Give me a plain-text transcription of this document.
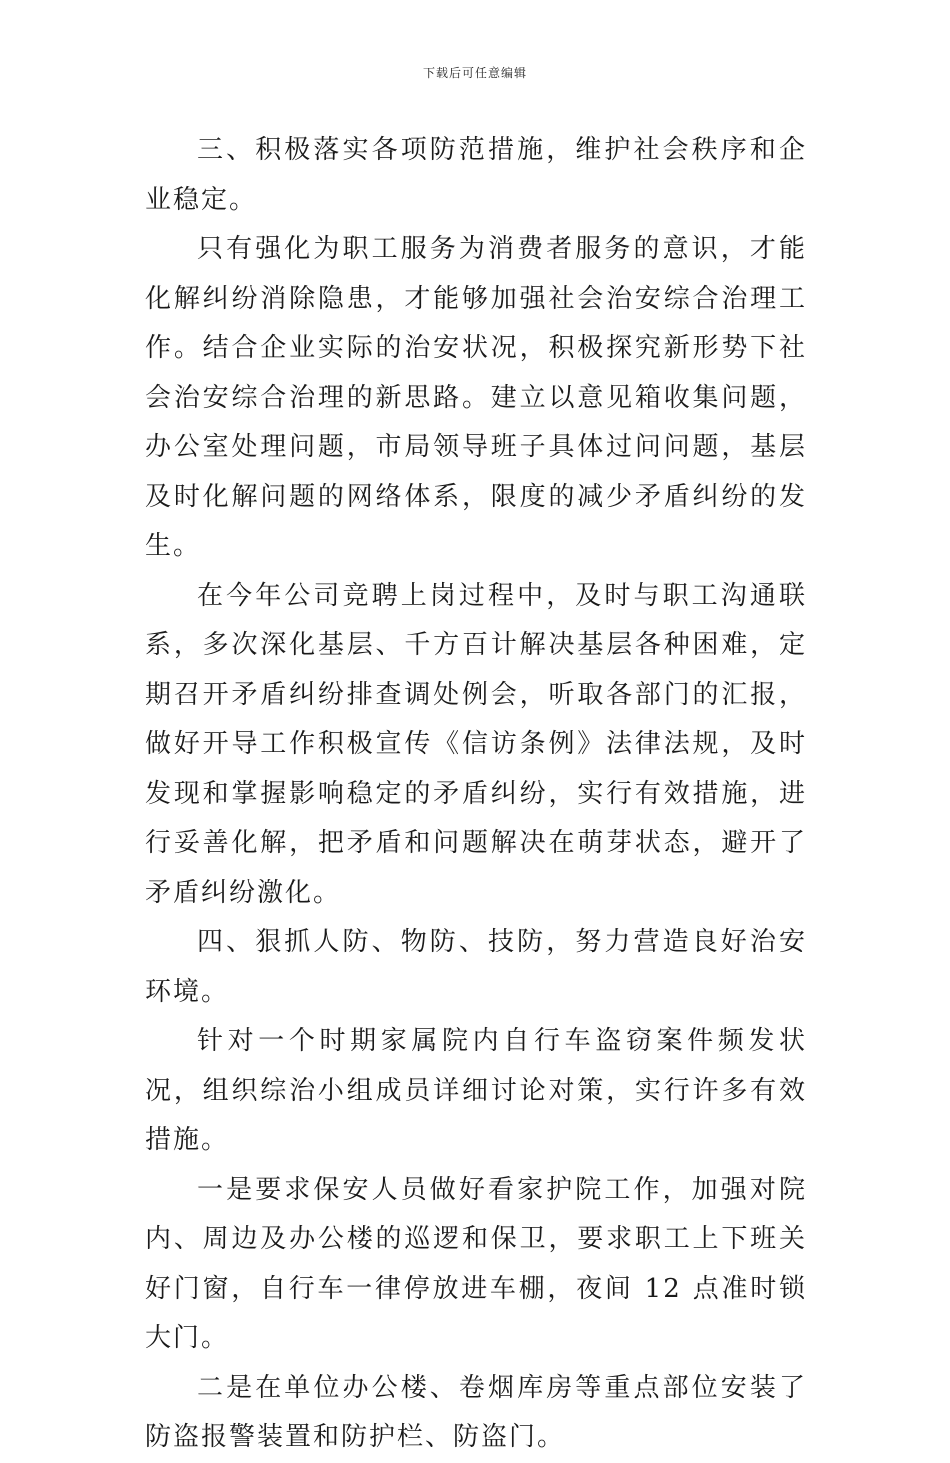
下载后可任意编辑

三、积极落实各项防范措施，维护社会秩序和企业稳定。

只有强化为职工服务为消费者服务的意识，才能化解纠纷消除隐患，才能够加强社会治安综合治理工作。结合企业实际的治安状况，积极探究新形势下社会治安综合治理的新思路。建立以意见箱收集问题，办公室处理问题，市局领导班子具体过问问题，基层及时化解问题的网络体系，限度的减少矛盾纠纷的发生。

在今年公司竞聘上岗过程中，及时与职工沟通联系，多次深化基层、千方百计解决基层各种困难，定期召开矛盾纠纷排查调处例会，听取各部门的汇报，做好开导工作积极宣传《信访条例》法律法规，及时发现和掌握影响稳定的矛盾纠纷，实行有效措施，进行妥善化解，把矛盾和问题解决在萌芽状态，避开了矛盾纠纷激化。

四、狠抓人防、物防、技防，努力营造良好治安环境。

针对一个时期家属院内自行车盗窃案件频发状况，组织综治小组成员详细讨论对策，实行许多有效措施。

一是要求保安人员做好看家护院工作，加强对院内、周边及办公楼的巡逻和保卫，要求职工上下班关好门窗，自行车一律停放进车棚，夜间 12 点准时锁大门。

二是在单位办公楼、卷烟库房等重点部位安装了防盗报警装置和防护栏、防盗门。
